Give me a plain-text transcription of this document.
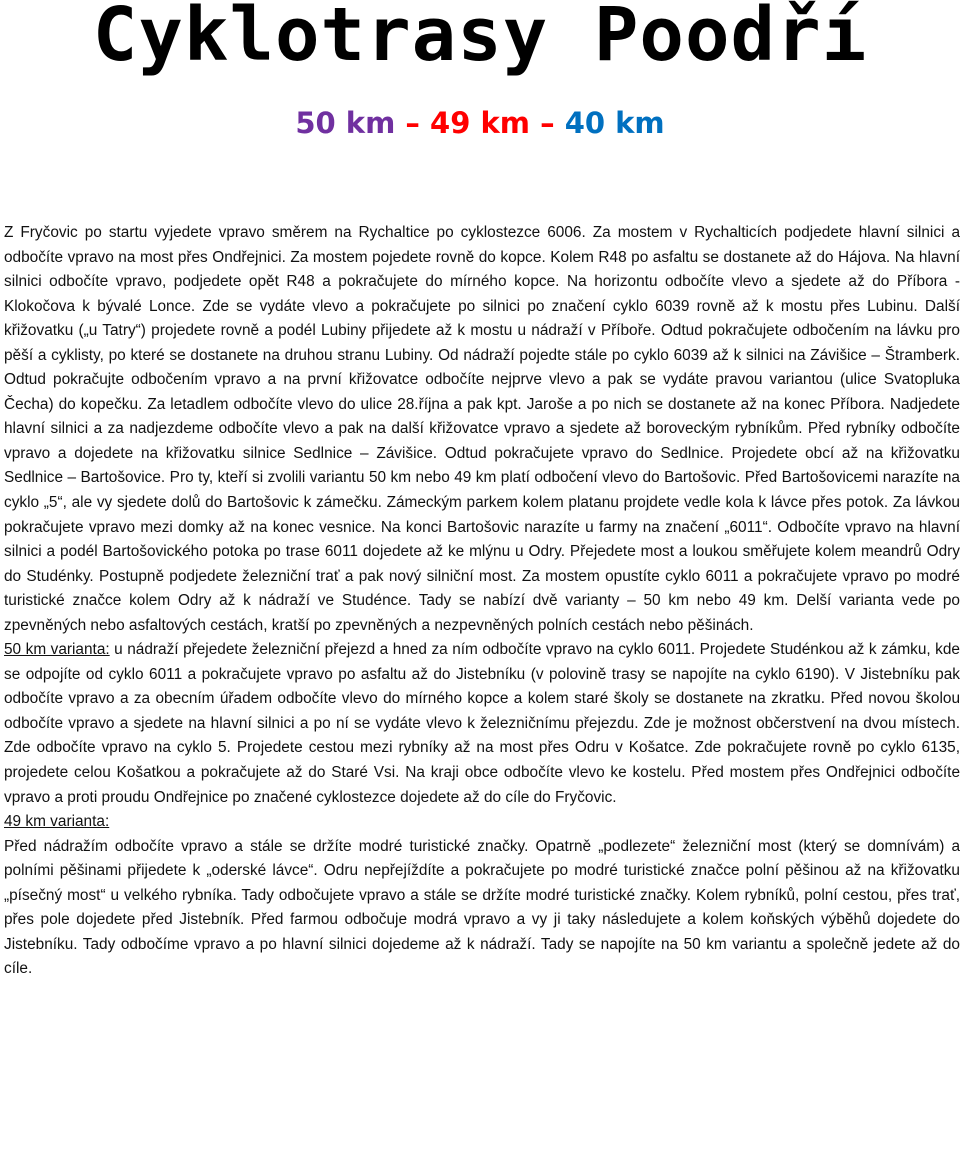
Cyklotrasy Poodří
50 km – 49 km – 40 km

Z Fryčovic po startu vyjedete vpravo směrem na Rychaltice po cyklostezce 6006. Za mostem v Rychalticích podjedete hlavní silnici a odbočíte vpravo na most přes Ondřejnici. Za mostem pojedete rovně do kopce. Kolem R48 po asfaltu se dostanete až do Hájova. Na hlavní silnici odbočíte vpravo, podjedete opět R48 a pokračujete do mírného kopce. Na horizontu odbočíte vlevo a sjedete až do Příbora - Klokočova k bývalé Lonce. Zde se vydáte vlevo a pokračujete po silnici po značení cyklo 6039 rovně až k mostu přes Lubinu. Další křižovatku („u Tatry“) projedete rovně a podél Lubiny přijedete až k mostu u nádraží v Příboře. Odtud pokračujete odbočením na lávku pro pěší a cyklisty, po které se dostanete na druhou stranu Lubiny. Od nádraží pojedte stále po cyklo 6039 až k silnici na Závišice – Štramberk. Odtud pokračujte odbočením vpravo a na první křižovatce odbočíte nejprve vlevo a pak se vydáte pravou variantou (ulice Svatopluka Čecha) do kopečku. Za letadlem odbočíte vlevo do ulice 28.října a pak kpt. Jaroše a po nich se dostanete až na konec Příbora. Nadjedete hlavní silnici a za nadjezdeme odbočíte vlevo a pak na další křižovatce vpravo a sjedete až boroveckým rybníkům. Před rybníky odbočíte vpravo a dojedete na křižovatku silnice Sedlnice – Závišice. Odtud pokračujete vpravo do Sedlnice. Projedete obcí až na křižovatku Sedlnice – Bartošovice. Pro ty, kteří si zvolili variantu 50 km nebo 49 km platí odbočení vlevo do Bartošovic. Před Bartošovicemi narazíte na cyklo „5“, ale vy sjedete dolů do Bartošovic k zámečku. Zámeckým parkem kolem platanu projdete vedle kola k lávce přes potok. Za lávkou pokračujete vpravo mezi domky až na konec vesnice. Na konci Bartošovic narazíte u farmy na značení „6011“. Odbočíte vpravo na hlavní silnici a podél Bartošovického potoka po trase 6011 dojedete až ke mlýnu u Odry. Přejedete most a loukou směřujete kolem meandrů Odry do Studénky. Postupně podjedete železniční trať a pak nový silniční most. Za mostem opustíte cyklo 6011 a pokračujete vpravo po modré turistické značce kolem Odry až k nádraží ve Studénce. Tady se nabízí dvě varianty – 50 km nebo 49 km. Delší varianta vede po zpevněných nebo asfaltových cestách, kratší po zpevněných a nezpevněných polních cestách nebo pěšinách.

50 km varianta: u nádraží přejedete železniční přejezd a hned za ním odbočíte vpravo na cyklo 6011. Projedete Studénkou až k zámku, kde se odpojíte od cyklo 6011 a pokračujete vpravo po asfaltu až do Jistebníku (v polovině trasy se napojíte na cyklo 6190). V Jistebníku pak odbočíte vpravo a za obecním úřadem odbočíte vlevo do mírného kopce a kolem staré školy se dostanete na zkratku. Před novou školou odbočíte vpravo a sjedete na hlavní silnici a po ní se vydáte vlevo k železničnímu přejezdu. Zde je možnost občerstvení na dvou místech. Zde odbočíte vpravo na cyklo 5. Projedete cestou mezi rybníky až na most přes Odru v Košatce. Zde pokračujete rovně po cyklo 6135, projedete celou Košatkou a pokračujete až do Staré Vsi. Na kraji obce odbočíte vlevo ke kostelu. Před mostem přes Ondřejnici odbočíte vpravo a proti proudu Ondřejnice po značené cyklostezce dojedete až do cíle do Fryčovic.

49 km varianta:

Před nádražím odbočíte vpravo a stále se držíte modré turistické značky. Opatrně „podlezete“ železniční most (který se domnívám) a polními pěšinami přijedete k „oderské lávce“. Odru nepřejíždíte a pokračujete po modré turistické značce polní pěšinou až na křižovatku „písečný most“ u velkého rybníka. Tady odbočujete vpravo a stále se držíte modré turistické značky. Kolem rybníků, polní cestou, přes trať, přes pole dojedete před Jistebník. Před farmou odbočuje modrá vpravo a vy ji taky následujete a kolem koňských výběhů dojedete do Jistebníku. Tady odbočíme vpravo a po hlavní silnici dojedeme až k nádraží. Tady se napojíte na 50 km variantu a společně jedete až do cíle.
